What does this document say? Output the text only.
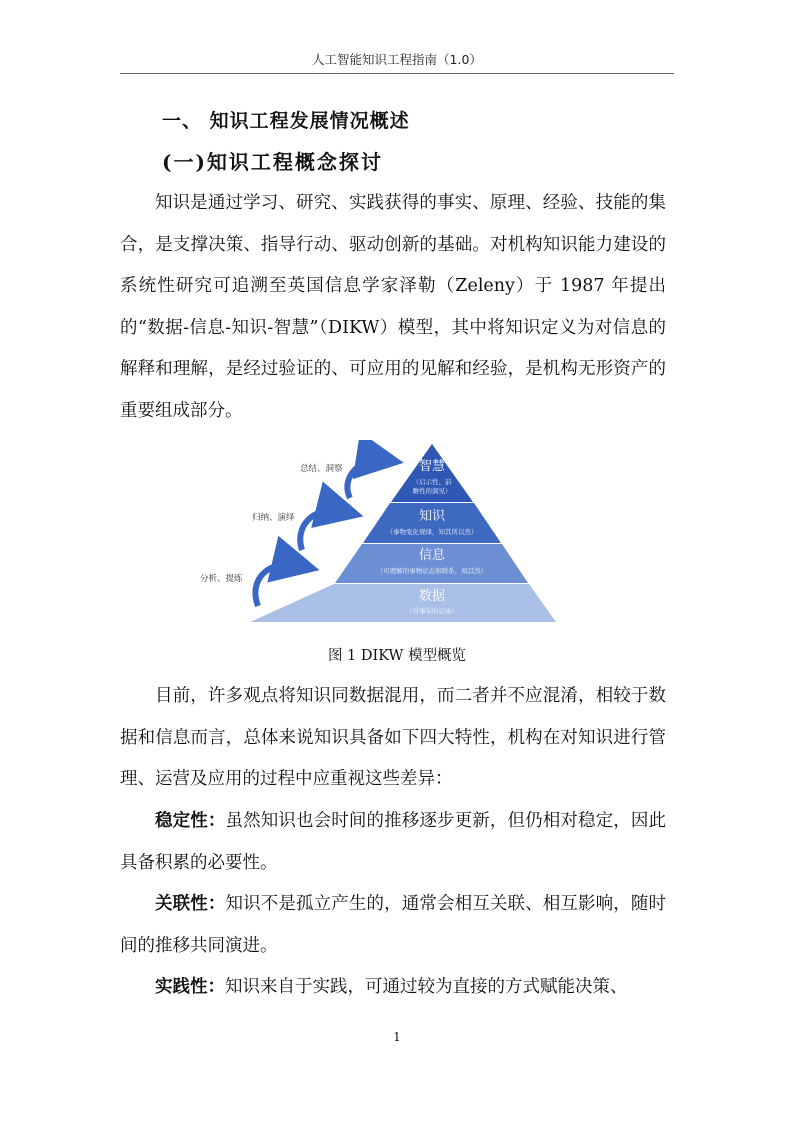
人工智能知识工程指南（1.0）
一、 知识工程发展情况概述
(一)知识工程概念探讨

知识是通过学习、研究、实践获得的事实、原理、经验、技能的集合，是支撑决策、指导行动、驱动创新的基础。对机构知识能力建设的系统性研究可追溯至英国信息学家泽勒（Zeleny）于 1987 年提出的“数据-信息-知识-智慧”（DIKW）模型，其中将知识定义为对信息的解释和理解，是经过验证的、可应用的见解和经验，是机构无形资产的重要组成部分。

智慧
（启示性、前
瞻性的洞见）
知识
（事物变化规律，知其所以然）
信息
（可理解的事物状态和联系，知其然）
数据
（对事实的记录）
总结、洞察
归纳、演绎
分析、提炼
图 1 DIKW 模型概览

目前，许多观点将知识同数据混用，而二者并不应混淆，相较于数据和信息而言，总体来说知识具备如下四大特性，机构在对知识进行管理、运营及应用的过程中应重视这些差异：

稳定性：虽然知识也会时间的推移逐步更新，但仍相对稳定，因此具备积累的必要性。

关联性：知识不是孤立产生的，通常会相互关联、相互影响，随时间的推移共同演进。

实践性：知识来自于实践，可通过较为直接的方式赋能决策、

1
